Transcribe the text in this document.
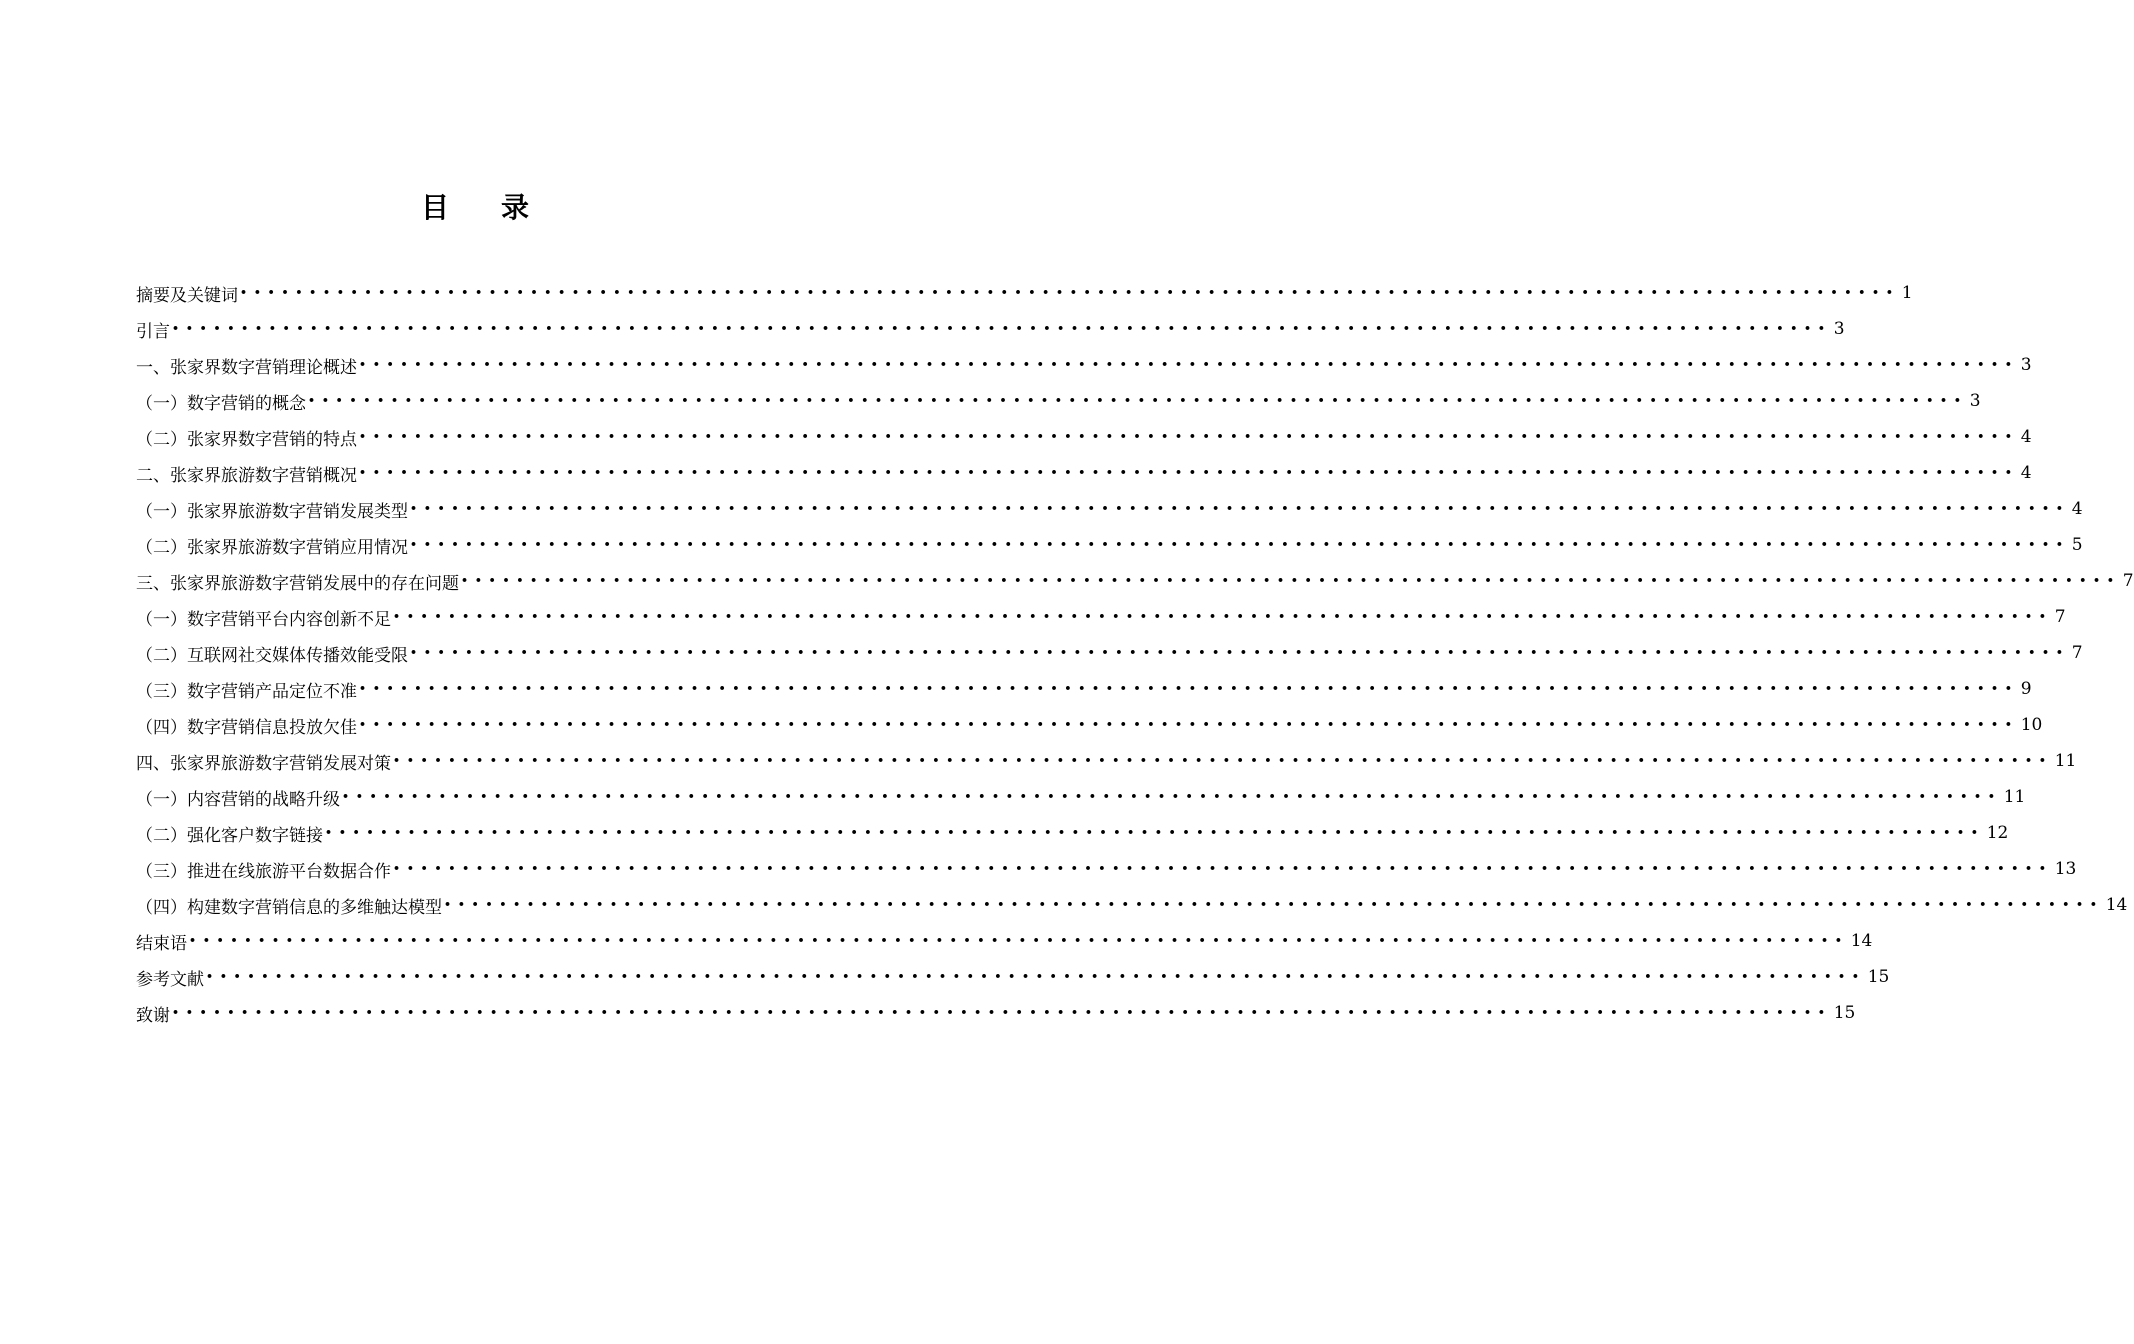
目 录
摘要及关键词 •••••••••••••••••••••••••••••••••••••••••••••••••••••••••••••••••••••••••••••••••••••••••••••••••••••••••••••••••••••••• 1
引言 •••••••••••••••••••••••••••••••••••••••••••••••••••••••••••••••••••••••••••••••••••••••••••••••••••••••••••••••••••••••• 3
一、张家界数字营销理论概述 •••••••••••••••••••••••••••••••••••••••••••••••••••••••••••••••••••••••••••••••••••••••••••••••••••••••••••••••••••••••• 3
（一）数字营销的概念 •••••••••••••••••••••••••••••••••••••••••••••••••••••••••••••••••••••••••••••••••••••••••••••••••••••••••••••••••••••••• 3
（二）张家界数字营销的特点 •••••••••••••••••••••••••••••••••••••••••••••••••••••••••••••••••••••••••••••••••••••••••••••••••••••••••••••••••••••••• 4
二、张家界旅游数字营销概况 •••••••••••••••••••••••••••••••••••••••••••••••••••••••••••••••••••••••••••••••••••••••••••••••••••••••••••••••••••••••• 4
（一）张家界旅游数字营销发展类型 •••••••••••••••••••••••••••••••••••••••••••••••••••••••••••••••••••••••••••••••••••••••••••••••••••••••••••••••••••••••• 4
（二）张家界旅游数字营销应用情况 •••••••••••••••••••••••••••••••••••••••••••••••••••••••••••••••••••••••••••••••••••••••••••••••••••••••••••••••••••••••• 5
三、张家界旅游数字营销发展中的存在问题 •••••••••••••••••••••••••••••••••••••••••••••••••••••••••••••••••••••••••••••••••••••••••••••••••••••••••••••••••••••••• 7
（一）数字营销平台内容创新不足 •••••••••••••••••••••••••••••••••••••••••••••••••••••••••••••••••••••••••••••••••••••••••••••••••••••••••••••••••••••••• 7
（二）互联网社交媒体传播效能受限 •••••••••••••••••••••••••••••••••••••••••••••••••••••••••••••••••••••••••••••••••••••••••••••••••••••••••••••••••••••••• 7
（三）数字营销产品定位不准 •••••••••••••••••••••••••••••••••••••••••••••••••••••••••••••••••••••••••••••••••••••••••••••••••••••••••••••••••••••••• 9
（四）数字营销信息投放欠佳 •••••••••••••••••••••••••••••••••••••••••••••••••••••••••••••••••••••••••••••••••••••••••••••••••••••••••••••••••••••••• 10
四、张家界旅游数字营销发展对策 •••••••••••••••••••••••••••••••••••••••••••••••••••••••••••••••••••••••••••••••••••••••••••••••••••••••••••••••••••••••• 11
（一）内容营销的战略升级 •••••••••••••••••••••••••••••••••••••••••••••••••••••••••••••••••••••••••••••••••••••••••••••••••••••••••••••••••••••••• 11
（二）强化客户数字链接 •••••••••••••••••••••••••••••••••••••••••••••••••••••••••••••••••••••••••••••••••••••••••••••••••••••••••••••••••••••••• 12
（三）推进在线旅游平台数据合作 •••••••••••••••••••••••••••••••••••••••••••••••••••••••••••••••••••••••••••••••••••••••••••••••••••••••••••••••••••••••• 13
（四）构建数字营销信息的多维触达模型 •••••••••••••••••••••••••••••••••••••••••••••••••••••••••••••••••••••••••••••••••••••••••••••••••••••••••••••••••••••••• 14
结束语 •••••••••••••••••••••••••••••••••••••••••••••••••••••••••••••••••••••••••••••••••••••••••••••••••••••••••••••••••••••••• 14
参考文献 •••••••••••••••••••••••••••••••••••••••••••••••••••••••••••••••••••••••••••••••••••••••••••••••••••••••••••••••••••••••• 15
致谢 •••••••••••••••••••••••••••••••••••••••••••••••••••••••••••••••••••••••••••••••••••••••••••••••••••••••••••••••••••••••• 15
